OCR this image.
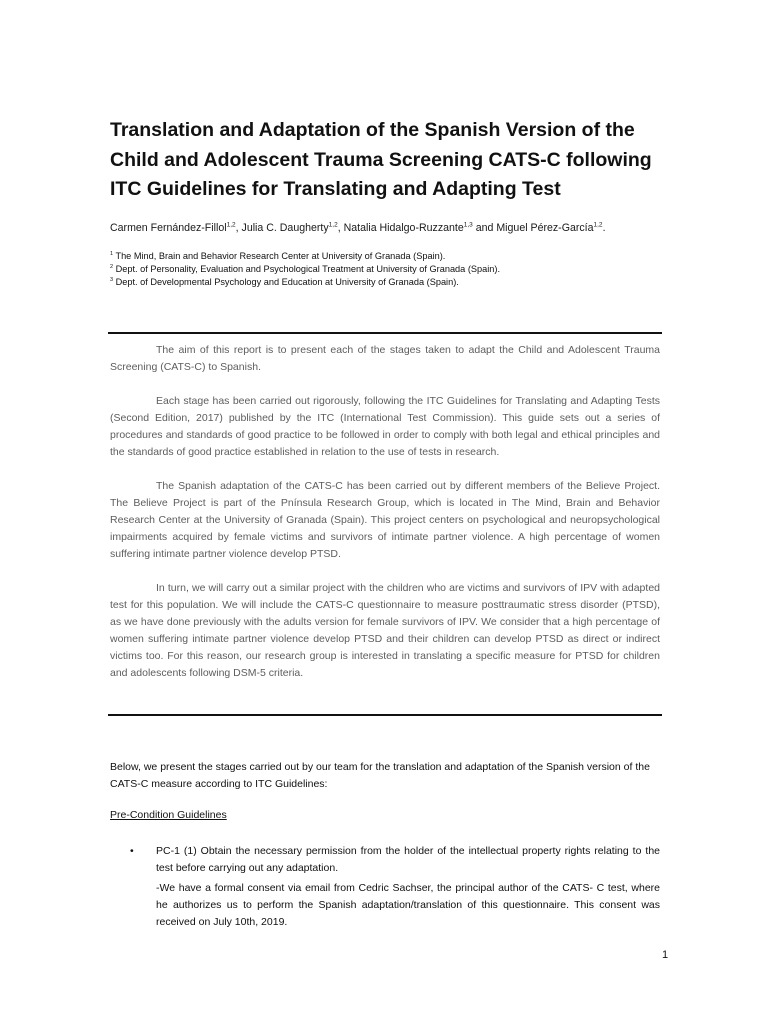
Translation and Adaptation of the Spanish Version of the Child and Adolescent Trauma Screening CATS-C following ITC Guidelines for Translating and Adapting Test
Carmen Fernández-Fillol$^{1,2}$, Julia C. Daugherty$^{1,2}$, Natalia Hidalgo-Ruzzante$^{1,3}$ and Miguel Pérez-García$^{1,2}$.
$^1$ The Mind, Brain and Behavior Research Center at University of Granada (Spain).
$^2$ Dept. of Personality, Evaluation and Psychological Treatment at University of Granada (Spain).
$^3$ Dept. of Developmental Psychology and Education at University of Granada (Spain).

The aim of this report is to present each of the stages taken to adapt the Child and Adolescent Trauma Screening (CATS-C) to Spanish.

Each stage has been carried out rigorously, following the ITC Guidelines for Translating and Adapting Tests (Second Edition, 2017) published by the ITC (International Test Commission). This guide sets out a series of procedures and standards of good practice to be followed in order to comply with both legal and ethical principles and the standards of good practice established in relation to the use of tests in research.

The Spanish adaptation of the CATS-C has been carried out by different members of the Believe Project. The Believe Project is part of the Pnínsula Research Group, which is located in The Mind, Brain and Behavior Research Center at the University of Granada (Spain). This project centers on psychological and neuropsychological impairments acquired by female victims and survivors of intimate partner violence. A high percentage of women suffering intimate partner violence develop PTSD.

In turn, we will carry out a similar project with the children who are victims and survivors of IPV with adapted test for this population. We will include the CATS-C questionnaire to measure posttraumatic stress disorder (PTSD), as we have done previously with the adults version for female survivors of IPV. We consider that a high percentage of women suffering intimate partner violence develop PTSD and their children can develop PTSD as direct or indirect victims too. For this reason, our research group is interested in translating a specific measure for PTSD for children and adolescents following DSM-5 criteria.

Below, we present the stages carried out by our team for the translation and adaptation of the Spanish version of the CATS-C measure according to ITC Guidelines:

Pre-Condition Guidelines

• PC-1 (1) Obtain the necessary permission from the holder of the intellectual property rights relating to the test before carrying out any adaptation.

-We have a formal consent via email from Cedric Sachser, the principal author of the CATS- C test, where he authorizes us to perform the Spanish adaptation/translation of this questionnaire. This consent was received on July 10th, 2019.

1
